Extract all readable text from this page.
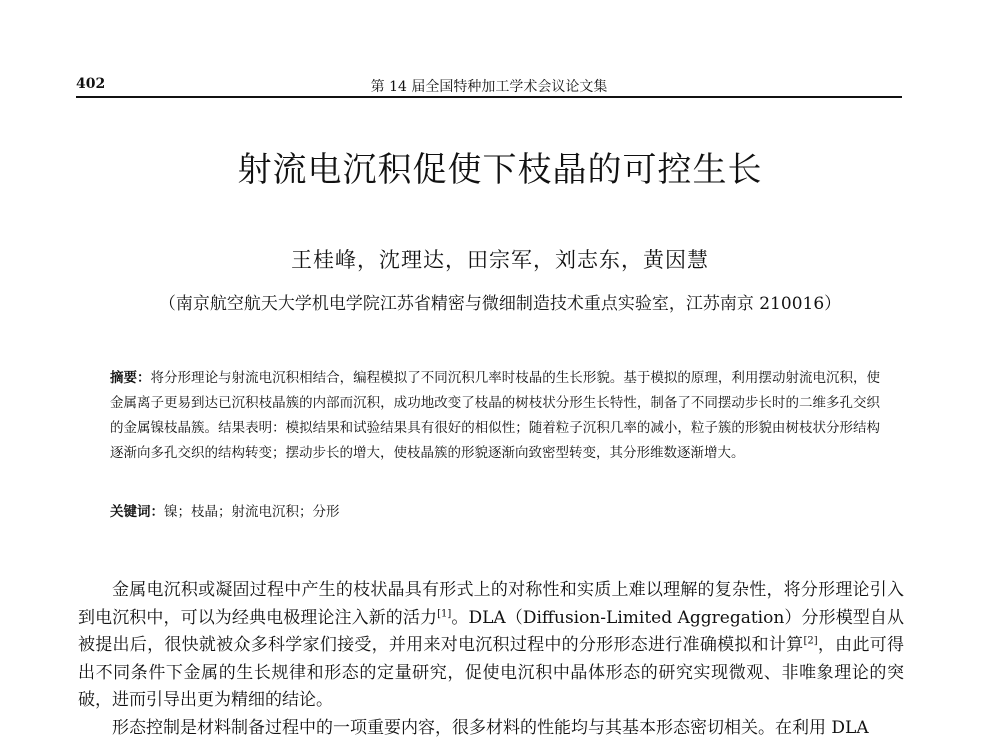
402	第 14 届全国特种加工学术会议论文集
射流电沉积促使下枝晶的可控生长
王桂峰，沈理达，田宗军，刘志东，黄因慧
（南京航空航天大学机电学院江苏省精密与微细制造技术重点实验室，江苏南京 210016）

摘要：将分形理论与射流电沉积相结合，编程模拟了不同沉积几率时枝晶的生长形貌。基于模拟的原理，利用摆动射流电沉积，使金属离子更易到达已沉积枝晶簇的内部而沉积，成功地改变了枝晶的树枝状分形生长特性，制备了不同摆动步长时的二维多孔交织的金属镍枝晶簇。结果表明：模拟结果和试验结果具有很好的相似性；随着粒子沉积几率的减小，粒子簇的形貌由树枝状分形结构逐渐向多孔交织的结构转变；摆动步长的增大，使枝晶簇的形貌逐渐向致密型转变，其分形维数逐渐增大。

关键词：镍；枝晶；射流电沉积；分形

金属电沉积或凝固过程中产生的枝状晶具有形式上的对称性和实质上难以理解的复杂性，将分形理论引入到电沉积中，可以为经典电极理论注入新的活力[1]。DLA（Diffusion-Limited Aggregation）分形模型自从被提出后，很快就被众多科学家们接受，并用来对电沉积过程中的分形形态进行准确模拟和计算[2]，由此可得出不同条件下金属的生长规律和形态的定量研究，促使电沉积中晶体形态的研究实现微观、非唯象理论的突破，进而引导出更为精细的结论。

形态控制是材料制备过程中的一项重要内容，很多材料的性能均与其基本形态密切相关。在利用 DLA
